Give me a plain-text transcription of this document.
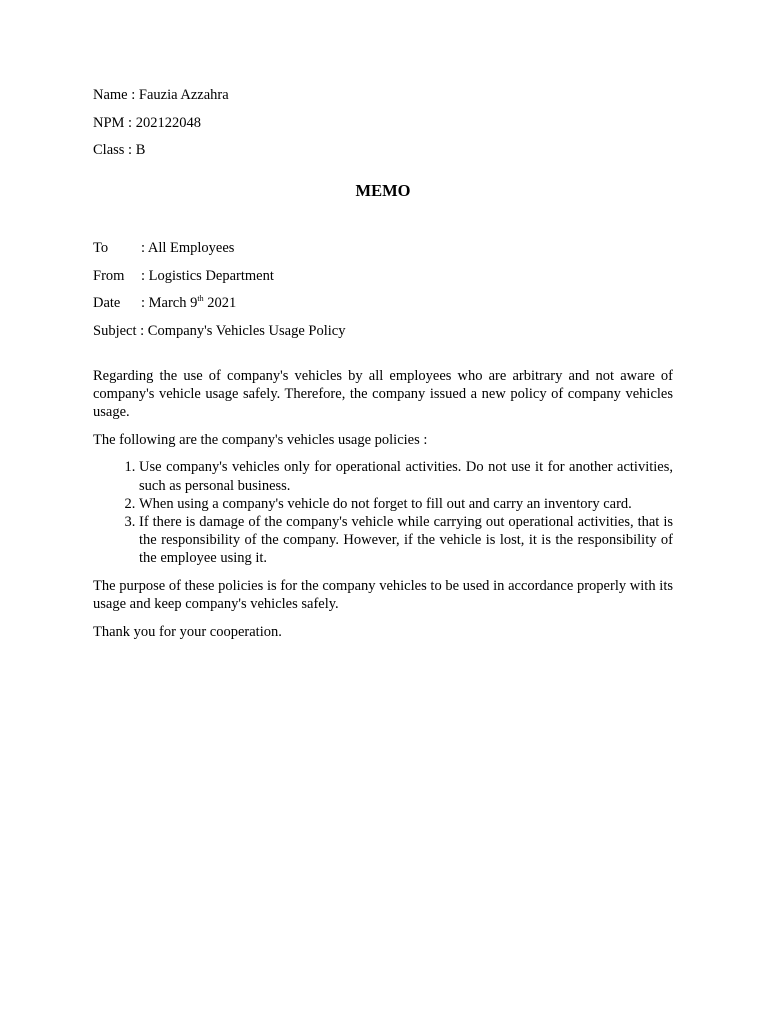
Name : Fauzia Azzahra
NPM : 202122048
Class : B
MEMO
To : All Employees
From : Logistics Department
Date : March 9th 2021
Subject : Company's Vehicles Usage Policy

Regarding the use of company's vehicles by all employees who are arbitrary and not aware of company's vehicle usage safely. Therefore, the company issued a new policy of company vehicles usage.

The following are the company's vehicles usage policies :

1. Use company's vehicles only for operational activities. Do not use it for another activities, such as personal business.
2. When using a company's vehicle do not forget to fill out and carry an inventory card.
3. If there is damage of the company's vehicle while carrying out operational activities, that is the responsibility of the company. However, if the vehicle is lost, it is the responsibility of the employee using it.

The purpose of these policies is for the company vehicles to be used in accordance properly with its usage and keep company's vehicles safely.

Thank you for your cooperation.
